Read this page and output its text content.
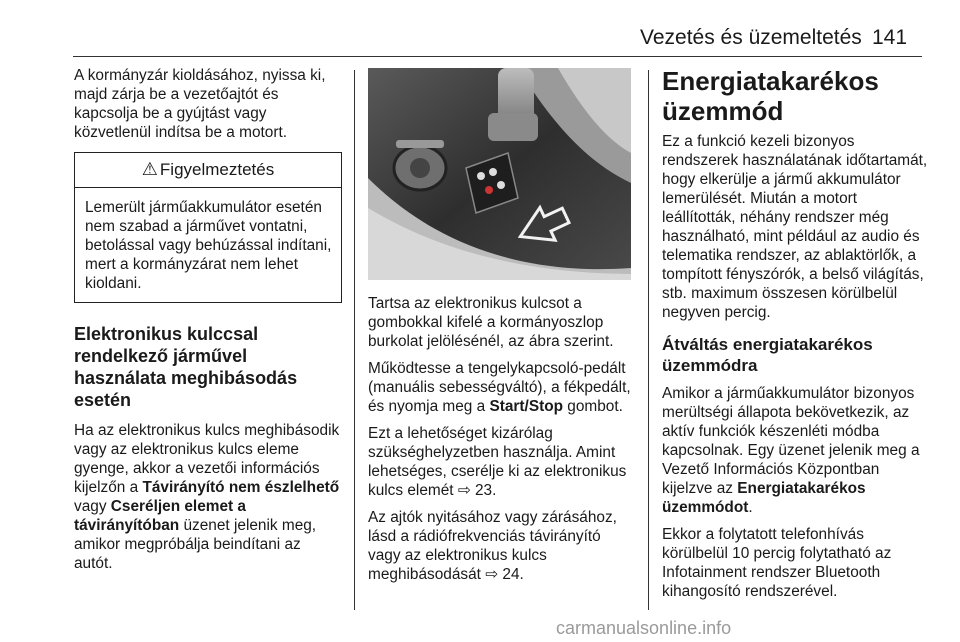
Vezetés és üzemeltetés 141

A kormányzár kioldásához, nyissa ki, majd zárja be a vezetőajtót és kapcsolja be a gyújtást vagy közvetlenül indítsa be a motort.

⚠ Figyelmeztetés
Lemerült járműakkumulátor esetén nem szabad a járművet vontatni, betolással vagy behúzással indítani, mert a kormányzárat nem lehet kioldani.
Elektronikus kulccsal rendelkező járművel használata meghibásodás esetén

Ha az elektronikus kulcs meghibásodik vagy az elektronikus kulcs eleme gyenge, akkor a vezetői információs kijelzőn a Távirányító nem észlelhető vagy Cseréljen elemet a távirányítóban üzenet jelenik meg, amikor megpróbálja beindítani az autót.

Tartsa az elektronikus kulcsot a gombokkal kifelé a kormányoszlop burkolat jelölésénél, az ábra szerint.

Működtesse a tengelykapcsoló-pedált (manuális sebességváltó), a fékpedált, és nyomja meg a Start/Stop gombot.

Ezt a lehetőséget kizárólag szükséghelyzetben használja. Amint lehetséges, cserélje ki az elektronikus kulcs elemét ⇨ 23.

Az ajtók nyitásához vagy zárásához, lásd a rádiófrekvenciás távirányító vagy az elektronikus kulcs meghibásodását ⇨ 24.

Energiatakarékos üzemmód

Ez a funkció kezeli bizonyos rendszerek használatának időtartamát, hogy elkerülje a jármű akkumulátor lemerülését. Miután a motort leállították, néhány rendszer még használható, mint például az audio és telematika rendszer, az ablaktörlők, a tompított fényszórók, a belső világítás, stb. maximum összesen körülbelül negyven percig.

Átváltás energiatakarékos üzemmódra

Amikor a járműakkumulátor bizonyos merültségi állapota bekövetkezik, az aktív funkciók készenléti módba kapcsolnak. Egy üzenet jelenik meg a Vezető Információs Központban kijelzve az Energiatakarékos üzemmódot.

Ekkor a folytatott telefonhívás körülbelül 10 percig folytatható az Infotainment rendszer Bluetooth kihangosító rendszerével.

carmanualsonline.info
